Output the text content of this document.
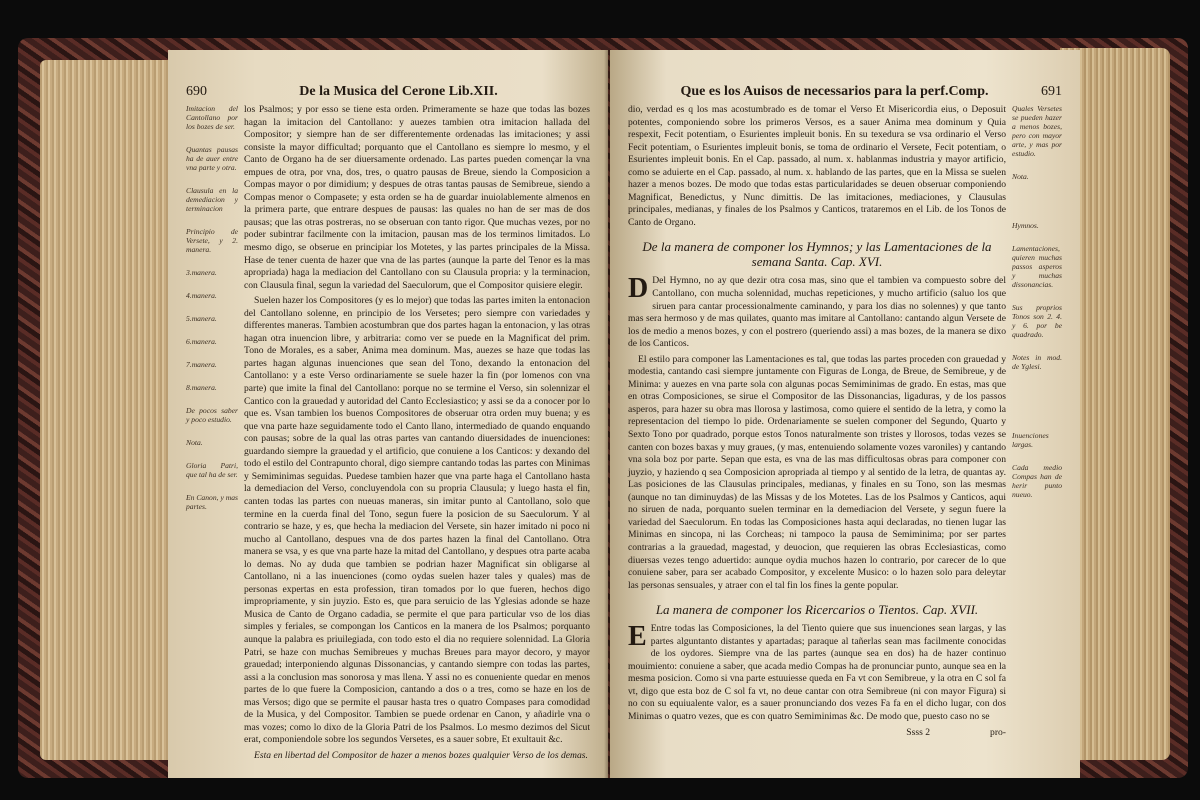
690	De la Musica del Cerone Lib.XII.
Imitacion del Cantollano por los bozes de ser.
Quantas pausas ha de auer entre vna parte y otra.
Clausula en la demediacion y terminacion
Principio de Versete, y 2. manera.
3.manera.
4.manera.
5.manera.
6.manera.
7.manera.
8.manera.
De pocos saber y poco estudio.
Nota.
Gloria Patri, que tal ha de ser.
En Canon, y mas partes.

los Psalmos; y por esso se tiene esta orden. Primeramente se haze que todas las bozes hagan la imitacion del Cantollano: y auezes tambien otra imitacion hallada del Compositor; y siempre han de ser differentemente ordenadas las imitaciones; y assi consiste la mayor difficultad; porquanto que el Cantollano es siempre lo mesmo, y el Canto de Organo ha de ser diuersamente ordenado. Las partes pueden començar la vna empues de otra, por vna, dos, tres, o quatro pausas de Breue, siendo la Composicion a Compas mayor o por dimidium; y despues de otras tantas pausas de Semibreue, siendo a Compas menor o Compasete; y esta orden se ha de guardar inuiolablemente almenos en la primera parte, que entrare despues de pausas: las quales no han de ser mas de dos pausas; que las otras postreras, no se obseruan con tanto rigor. Que muchas vezes, por no poder subintrar facilmente con la imitacion, pausan mas de los terminos limitados. Lo mesmo digo, se obserue en principiar los Motetes, y las partes principales de la Missa. Hase de tener cuenta de hazer que vna de las partes (aunque la parte del Tenor es la mas apropriada) haga la mediacion del Cantollano con su Clausula propria: y la terminacion, con Clausula final, segun la variedad del Saeculorum, que el Compositor quisiere elegir.

Suelen hazer los Compositores (y es lo mejor) que todas las partes imiten la entonacion del Cantollano solenne, en principio de los Versetes; pero siempre con variedades y differentes maneras. Tambien acostumbran que dos partes hagan la entonacion, y las otras hagan otra inuencion libre, y arbitraria: como ver se puede en la Magnificat del prim. Tono de Morales, es a saber, Anima mea dominum. Mas, auezes se haze que todas las partes hagan algunas inuenciones que sean del Tono, dexando la entonacion del Cantollano: y a este Verso ordinariamente se suele hazer la fin (por lomenos con vna parte) que imite la final del Cantollano: porque no se termine el Verso, sin solennizar el Cantico con la grauedad y autoridad del Canto Ecclesiastico; y assi se da a conocer por lo que es. Vsan tambien los buenos Compositores de obseruar otra orden muy buena; y es que vna parte haze seguidamente todo el Canto llano, intermediado de quando enquando con pausas; sobre de la qual las otras partes van cantando diuersidades de inuenciones: guardando siempre la grauedad y el artificio, que conuiene a los Canticos: y dexando del todo el estilo del Contrapunto choral, digo siempre cantando todas las partes con Minimas y Semiminimas seguidas. Puedese tambien hazer que vna parte haga el Cantollano hasta la demediacion del Verso, concluyendola con su propria Clausula; y luego hasta el fin, canten todas las partes con nueuas maneras, sin imitar punto al Cantollano, solo que termine en la cuerda final del Tono, segun fuere la posicion de su Saeculorum. Y al contrario se haze, y es, que hecha la mediacion del Versete, sin hazer imitado ni poco ni mucho al Cantollano, despues vna de dos partes hazen la final del Cantollano. Otra manera se vsa, y es que vna parte haze la mitad del Cantollano, y despues otra parte acaba lo demas. No ay duda que tambien se podrian hazer Magnificat sin obligarse al Cantollano, ni a las inuenciones (como oydas suelen hazer tales y quales) mas de personas expertas en esta profession, tiran tomados por lo que fueren, hechos digo impropriamente, y sin juyzio. Esto es, que para seruicio de las Yglesias adonde se haze Musica de Canto de Organo cadadia, se permite el que para particular vso de los dias simples y feriales, se compongan los Canticos en la manera de los Psalmos; porquanto aunque la palabra es priuilegiada, con todo esto el dia no requiere solennidad. La Gloria Patri, se haze con muchas Semibreues y muchas Breues para mayor decoro, y mayor grauedad; interponiendo algunas Dissonancias, y cantando siempre con todas las partes, assi a la conclusion mas sonorosa y mas llena. Y assi no es conueniente quedar en menos partes de lo que fuere la Composicion, cantando a dos o a tres, como se haze en los de mas Versos; digo que se permite el pausar hasta tres o quatro Compases para comodidad de la Musica, y del Compositor. Tambien se puede ordenar en Canon, y añadirle vna o mas vozes; como lo dixo de la Gloria Patri de los Psalmos. Lo mesmo dezimos del Sicut erat, componiendole sobre los segundos Versetes, es a sauer sobre, Et exultauit &c.

Esta en libertad del Compositor de hazer a menos bozes qualquier Verso de los demas.

Que es los Auisos de necessarios para la perf.Comp.	691

dio, verdad es q los mas acostumbrado es de tomar el Verso Et Misericordia eius, o Deposuit potentes, componiendo sobre los primeros Versos, es a sauer Anima mea dominum y Quia respexit, Fecit potentiam, o Esurientes impleuit bonis. En su texedura se vsa ordinario el Verso Fecit potentiam, o Esurientes impleuit bonis, se toma de ordinario el Versete, Fecit potentiam, o Esurientes impleuit bonis. En el Cap. passado, al num. x. hablanmas industria y mayor artificio, como se aduierte en el Cap. passado, al num. x. hablando de las partes, que en la Missa se suelen hazer a menos bozes. De modo que todas estas particularidades se deuen obseruar componiendo Magnificat, Benedictus, y Nunc dimittis. De las imitaciones, mediaciones, y Clausulas principales, medianas, y finales de los Psalmos y Canticos, trataremos en el Lib. de los Tonos de Canto de Organo.

De la manera de componer los Hymnos; y las Lamentaciones de la semana Santa. Cap. XVI.

D Del Hymno, no ay que dezir otra cosa mas, sino que el tambien va compuesto sobre del Cantollano, con mucha solennidad, muchas repeticiones, y mucho artificio (saluo los que siruen para cantar processionalmente caminando, y para los dias no solennes) y que tanto mas sera hermoso y de mas quilates, quanto mas imitare al Cantollano: cantando algun Versete de los de medio a menos bozes, y con el postrero (queriendo assi) a mas bozes, de la manera se dixo de los Canticos.

El estilo para componer las Lamentaciones es tal, que todas las partes proceden con grauedad y modestia, cantando casi siempre juntamente con Figuras de Longa, de Breue, de Semibreue, y de Minima: y auezes en vna parte sola con algunas pocas Semiminimas de grado. En estas, mas que en otras Composiciones, se sirue el Compositor de las Dissonancias, ligaduras, y de los passos asperos, para hazer su obra mas llorosa y lastimosa, como quiere el sentido de la letra, y como la representacion del tiempo lo pide. Ordenariamente se suelen componer del Segundo, Quarto y Sexto Tono por quadrado, porque estos Tonos naturalmente son tristes y llorosos, todas vezes se canten con bozes baxas y muy graues, (y mas, entenuiendo solamente vozes varoniles) y cantando vna sola boz por parte. Sepan que esta, es vna de las mas difficultosas obras para componer con juyzio, y haziendo q sea Composicion apropriada al tiempo y al sentido de la letra, de quantas ay. Las posiciones de las Clausulas principales, medianas, y finales en su Tono, son las mesmas (aunque no tan diminuydas) de las Missas y de los Motetes. Las de los Psalmos y Canticos, aqui no siruen de nada, porquanto suelen terminar en la demediacion del Versete, y segun fuere la variedad del Saeculorum. En todas las Composiciones hasta aqui declaradas, no tienen lugar las Minimas en sincopa, ni las Corcheas; ni tampoco la pausa de Semiminima; por ser partes contrarias a la grauedad, magestad, y deuocion, que requieren las obras Ecclesiasticas, como diuersas vezes tengo aduertido: aunque oydia muchos hazen lo contrario, por carecer de lo que conuiene saber, para ser acabado Compositor, y excelente Musico: o lo hazen solo para deleytar las personas sensuales, y atraer con el tal fin los fines la gente popular.

La manera de componer los Ricercarios o Tientos. Cap. XVII.

E Entre todas las Composiciones, la del Tiento quiere que sus inuenciones sean largas, y las partes alguntanto distantes y apartadas; paraque al tañerlas sean mas facilmente conocidas de los oydores. Siempre vna de las partes (aunque sea en dos) ha de hazer continuo mouimiento: conuiene a saber, que acada medio Compas ha de pronunciar punto, aunque sea en la mesma posicion. Como si vna parte estuuiesse queda en Fa vt con Semibreue, y la otra en C sol fa vt, digo que esta boz de C sol fa vt, no deue cantar con otra Semibreue (ni con mayor Figura) si no con su equiualente valor, es a sauer pronunciando dos vezes Fa fa en el dicho lugar, con dos Minimas o quatro vezes, que es con quatro Semiminimas &c. De modo que, puesto caso no se

Ssss 2	pro-
Quales Versetes se pueden hazer a menos bozes, pero con mayor arte, y mas por estudio.
Nota.
Hymnos.
Lamentaciones, quieren muchas passos asperos y muchas dissonancias.
Sus proprios Tonos son 2. 4. y 6. por be quadrado.
Notes in mod. de Yglesi.
Inuenciones largas.
Cada medio Compas han de herir punto nueuo.
